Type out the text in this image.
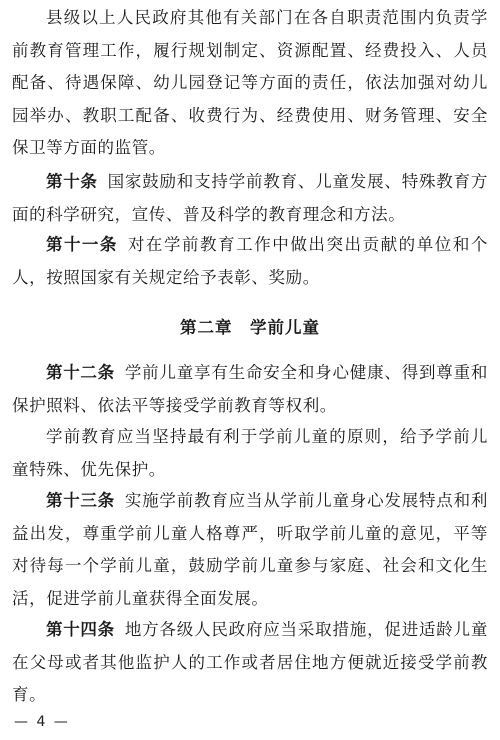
县级以上人民政府其他有关部门在各自职责范围内负责学前教育管理工作，履行规划制定、资源配置、经费投入、人员配备、待遇保障、幼儿园登记等方面的责任，依法加强对幼儿园举办、教职工配备、收费行为、经费使用、财务管理、安全保卫等方面的监管。

第十条 国家鼓励和支持学前教育、儿童发展、特殊教育方面的科学研究，宣传、普及科学的教育理念和方法。

第十一条 对在学前教育工作中做出突出贡献的单位和个人，按照国家有关规定给予表彰、奖励。

第二章　学前儿童

第十二条 学前儿童享有生命安全和身心健康、得到尊重和保护照料、依法平等接受学前教育等权利。

学前教育应当坚持最有利于学前儿童的原则，给予学前儿童特殊、优先保护。

第十三条 实施学前教育应当从学前儿童身心发展特点和利益出发，尊重学前儿童人格尊严，听取学前儿童的意见，平等对待每一个学前儿童，鼓励学前儿童参与家庭、社会和文化生活，促进学前儿童获得全面发展。

第十四条 地方各级人民政府应当采取措施，促进适龄儿童在父母或者其他监护人的工作或者居住地方便就近接受学前教育。

— 4 —
